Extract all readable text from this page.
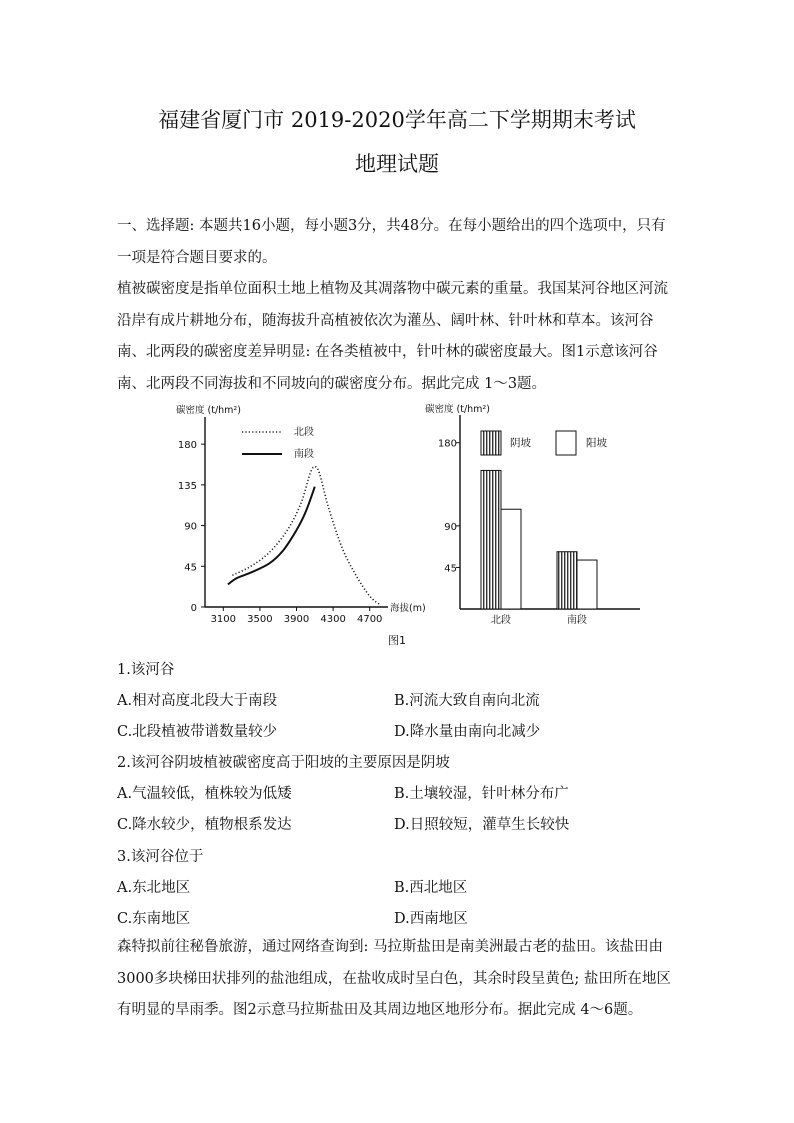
福建省厦门市 2019-2020学年高二下学期期末考试
地理试题

一、选择题: 本题共16小题，每小题3分，共48分。在每小题给出的四个选项中，只有一项是符合题目要求的。

植被碳密度是指单位面积土地上植物及其凋落物中碳元素的重量。我国某河谷地区河流沿岸有成片耕地分布，随海拔升高植被依次为灌丛、阔叶林、针叶林和草本。该河谷南、北两段的碳密度差异明显: 在各类植被中，针叶林的碳密度最大。图1示意该河谷南、北两段不同海拔和不同坡向的碳密度分布。据此完成 1～3题。

碳密度 (t/hm²)
海拔(m)
0
45
90
135
180
3100 3500 3900 4300 4700
北段
南段
碳密度 (t/hm²)
阴坡	阳坡
45
90
180
北段	南段
图1
1.该河谷
A.相对高度北段大于南段	B.河流大致自南向北流
C.北段植被带谱数量较少	D.降水量由南向北减少
2.该河谷阴坡植被碳密度高于阳坡的主要原因是阴坡
A.气温较低，植株较为低矮	B.土壤较湿，针叶林分布广
C.降水较少，植物根系发达	D.日照较短，灌草生长较快
3.该河谷位于
A.东北地区	B.西北地区
C.东南地区	D.西南地区

森特拟前往秘鲁旅游，通过网络查询到: 马拉斯盐田是南美洲最古老的盐田。该盐田由3000多块梯田状排列的盐池组成，在盐收成时呈白色，其余时段呈黄色; 盐田所在地区有明显的旱雨季。图2示意马拉斯盐田及其周边地区地形分布。据此完成 4～6题。
